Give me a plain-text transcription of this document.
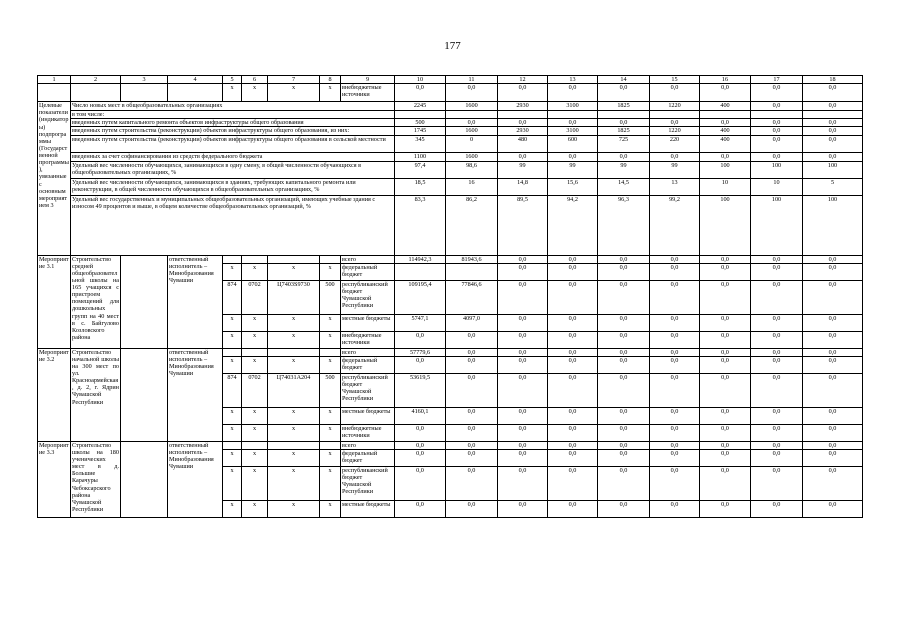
177
1	2	3	4	5	6	7	8	9	10	11	12	13	14	15	16	17	18
				x	x	x	x	внебюджетные источники	0,0	0,0	0,0	0,0	0,0	0,0	0,0	0,0	0,0
Целевые показатели (индикаторы) подпрограммы (Государственной программы), увязанные с основным мероприятием 3	Число новых мест в общеобразовательных организациях								2245	1600	2930	3100	1825	1220	400	0,0	0,0
	в том числе:																
	введенных путем капитального ремонта объектов инфраструктуры общего образования								500	0,0	0,0	0,0	0,0	0,0	0,0	0,0	0,0
	введенных путем строительства (реконструкции) объектов инфраструктуры общего образования, из них:								1745	1600	2930	3100	1825	1220	400	0,0	0,0
	введенных путем строительства (реконструкции) объектов инфраструктуры общего образования в сельской местности								345	0	480	600	725	220	400	0,0	0,0
	введенных за счет софинансирования из средств федерального бюджета								1100	1600	0,0	0,0	0,0	0,0	0,0	0,0	0,0
	Удельный вес численности обучающихся, занимающихся в одну смену, в общей численности обучающихся в общеобразовательных организациях, %								97,4	98,6	99	99	99	99	100	100	100
	Удельный вес численности обучающихся, занимающихся в зданиях, требующих капитального ремонта или реконструкции, в общей численности обучающихся в общеобразовательных организациях, %								18,5	16	14,8	15,6	14,5	13	10	10	5
	Удельный вес государственных и муниципальных общеобразовательных организаций, имеющих учебные здания с износом 49 процентов и выше, в общем количестве общеобразовательных организаций, %								83,3	86,2	89,5	94,2	96,3	99,2	100	100	100
Мероприятие 3.1	Строительство средней общеобразовательной школы на 165 учащихся с пристроем помещений для дошкольных групп на 40 мест в с. Байгулово Козловского района		ответственный исполнитель – Минобразования Чувашии					всего	114942,3	81943,6	0,0	0,0	0,0	0,0	0,0	0,0	0,0
				x	x	x	x	федеральный бюджет			0,0	0,0	0,0	0,0	0,0	0,0	0,0
				874	0702	Ц7403S9730	500	республиканский бюджет Чувашской Республики	109195,4	77846,6	0,0	0,0	0,0	0,0	0,0	0,0	0,0
				x	x	x	x	местные бюджеты	5747,1	4097,0	0,0	0,0	0,0	0,0	0,0	0,0	0,0
				x	x	x	x	внебюджетные источники	0,0	0,0	0,0	0,0	0,0	0,0	0,0	0,0	0,0
Мероприятие 3.2	Строительство начальной школы на 300 мест по ул. Красноармейская, д. 2, г. Ядрин Чувашской Республики		ответственный исполнитель – Минобразования Чувашии					всего	57779,6	0,0	0,0	0,0	0,0	0,0	0,0	0,0	0,0
				x	x	x	x	федеральный бюджет	0,0	0,0	0,0	0,0	0,0	0,0	0,0	0,0	0,0
				874	0702	Ц74031A204	500	республиканский бюджет Чувашской Республики	53619,5	0,0	0,0	0,0	0,0	0,0	0,0	0,0	0,0
				x	x	x	x	местные бюджеты	4160,1	0,0	0,0	0,0	0,0	0,0	0,0	0,0	0,0
				x	x	x	x	внебюджетные источники	0,0	0,0	0,0	0,0	0,0	0,0	0,0	0,0	0,0
Мероприятие 3.3	Строительство школы на 180 ученических мест в д. Большие Карачуры Чебоксарского района Чувашской Республики		ответственный исполнитель – Минобразования Чувашии					всего	0,0	0,0	0,0	0,0	0,0	0,0	0,0	0,0	0,0
				x	x	x	x	федеральный бюджет	0,0	0,0	0,0	0,0	0,0	0,0	0,0	0,0	0,0
				x	x	x	x	республиканский бюджет Чувашской Республики	0,0	0,0	0,0	0,0	0,0	0,0	0,0	0,0	0,0
				x	x	x	x	местные бюджеты	0,0	0,0	0,0	0,0	0,0	0,0	0,0	0,0	0,0
